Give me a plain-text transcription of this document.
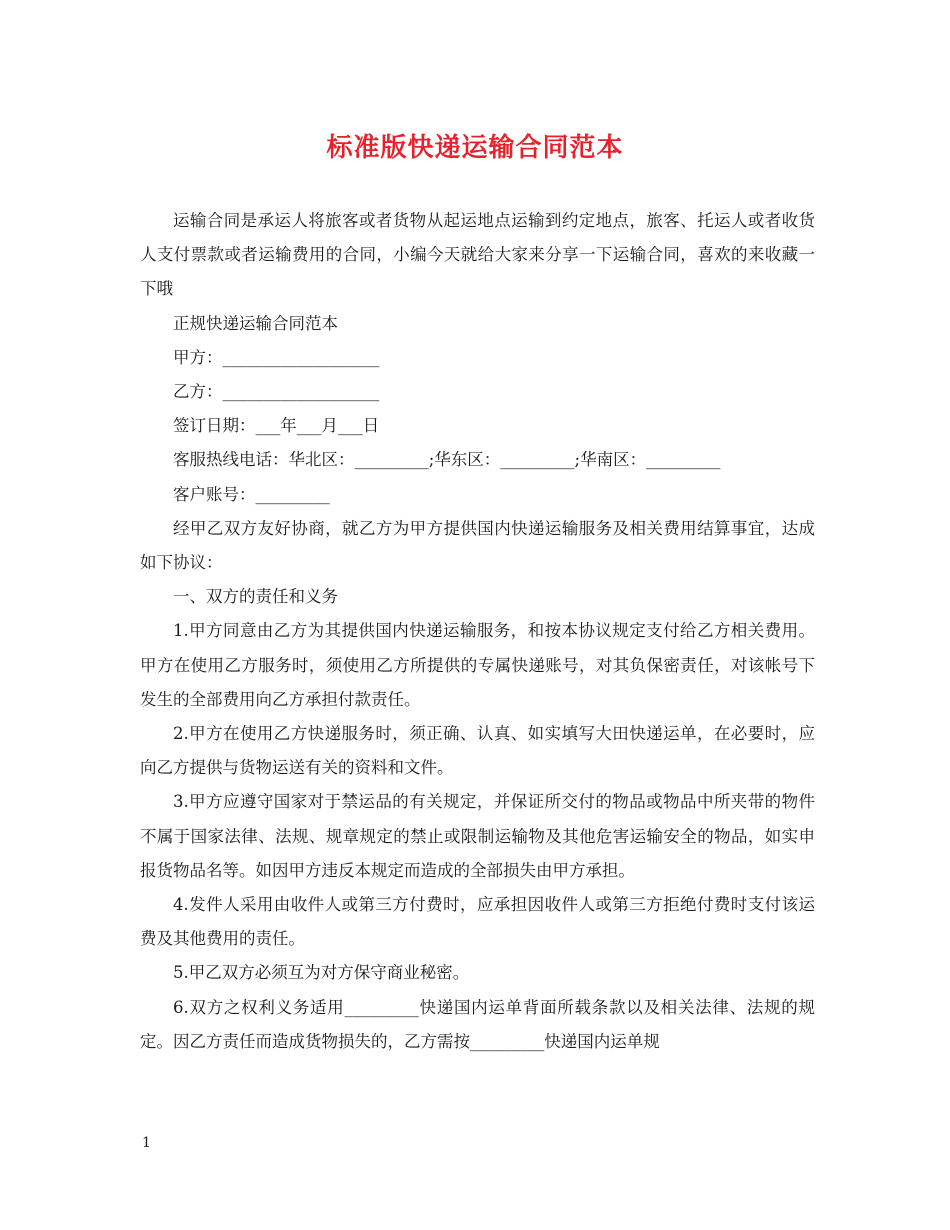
标准版快递运输合同范本

运输合同是承运人将旅客或者货物从起运地点运输到约定地点，旅客、托运人或者收货人支付票款或者运输费用的合同，小编今天就给大家来分享一下运输合同，喜欢的来收藏一下哦

正规快递运输合同范本

甲方：___________________

乙方：___________________

签订日期：___年___月___日

客服热线电话：华北区：_________;华东区：_________;华南区：_________

客户账号：_________

经甲乙双方友好协商，就乙方为甲方提供国内快递运输服务及相关费用结算事宜，达成如下协议：

一、双方的责任和义务

1.甲方同意由乙方为其提供国内快递运输服务，和按本协议规定支付给乙方相关费用。甲方在使用乙方服务时，须使用乙方所提供的专属快递账号，对其负保密责任，对该帐号下发生的全部费用向乙方承担付款责任。

2.甲方在使用乙方快递服务时，须正确、认真、如实填写大田快递运单，在必要时，应向乙方提供与货物运送有关的资料和文件。

3.甲方应遵守国家对于禁运品的有关规定，并保证所交付的物品或物品中所夹带的物件不属于国家法律、法规、规章规定的禁止或限制运输物及其他危害运输安全的物品，如实申报货物品名等。如因甲方违反本规定而造成的全部损失由甲方承担。

4.发件人采用由收件人或第三方付费时，应承担因收件人或第三方拒绝付费时支付该运费及其他费用的责任。

5.甲乙双方必须互为对方保守商业秘密。

6.双方之权利义务适用_________快递国内运单背面所载条款以及相关法律、法规的规定。因乙方责任而造成货物损失的，乙方需按_________快递国内运单规

1
